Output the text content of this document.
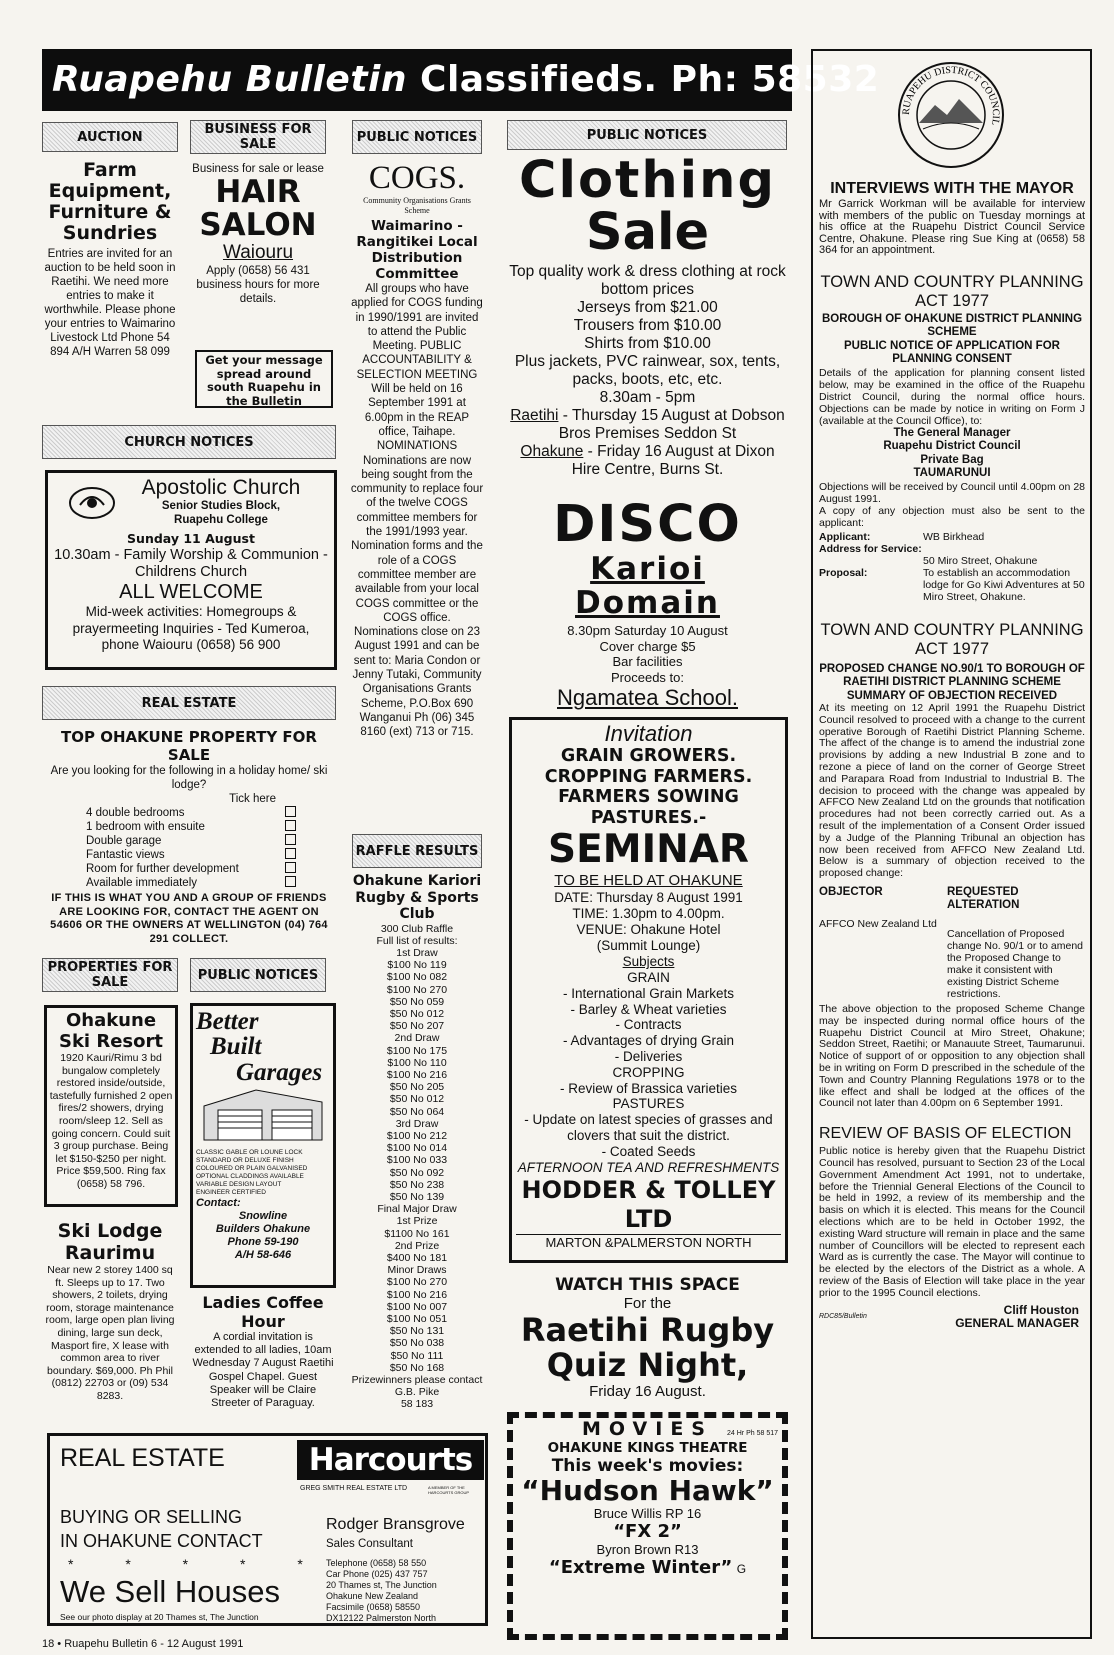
Ruapehu Bulletin Classifieds. Ph: 58532
AUCTION
Farm Equipment, Furniture & Sundries
Entries are invited for an auction to be held soon in Raetihi. We need more entries to make it worthwhile. Please phone your entries to Waimarino Livestock Ltd Phone 54 894 A/H Warren 58 099
BUSINESS FOR SALE
Business for sale or lease
HAIR SALON
Waiouru
Apply (0658) 56 431 business hours for more details.
Get your message spread around south Ruapehu in the Bulletin
PUBLIC NOTICES
COGS.
Community Organisations Grants Scheme
Waimarino - Rangitikei Local Distribution Committee
All groups who have applied for COGS funding in 1990/1991 are invited to attend the Public Meeting. PUBLIC ACCOUNTABILITY & SELECTION MEETING Will be held on 16 September 1991 at 6.00pm in the REAP office, Taihape. NOMINATIONS Nominations are now being sought from the community to replace four of the twelve COGS committee members for the 1991/1993 year. Nomination forms and the role of a COGS committee member are available from your local COGS committee or the COGS office. Nominations close on 23 August 1991 and can be sent to: Maria Condon or Jenny Tutaki, Community Organisations Grants Scheme, P.O.Box 690 Wanganui Ph (06) 345 8160 (ext) 713 or 715.
RAFFLE RESULTS
Ohakune Kariori Rugby & Sports Club
300 Club Raffle
Full list of results:
1st Draw
$100 No 119
$100 No 082
$100 No 270
$50 No 059
$50 No 012
$50 No 207
2nd Draw
$100 No 175
$100 No 110
$100 No 216
$50 No 205
$50 No 012
$50 No 064
3rd Draw
$100 No 212
$100 No 014
$100 No 033
$50 No 092
$50 No 238
$50 No 139
Final Major Draw
1st Prize
$1100 No 161
2nd Prize
$400 No 181
Minor Draws
$100 No 270
$100 No 216
$100 No 007
$100 No 051
$50 No 131
$50 No 038
$50 No 111
$50 No 168
Prizewinners please contact G.B. Pike
58 183
PUBLIC NOTICES
Clothing
Sale
Top quality work & dress clothing at rock bottom prices
Jerseys from $21.00
Trousers from $10.00
Shirts from $10.00
Plus jackets, PVC rainwear, sox, tents, packs, boots, etc, etc.
8.30am - 5pm
Raetihi - Thursday 15 August at Dobson Bros Premises Seddon St
Ohakune - Friday 16 August at Dixon Hire Centre, Burns St.
DISCO
Karioi
Domain
8.30pm Saturday 10 August
Cover charge $5
Bar facilities
Proceeds to:
Ngamatea School.
Invitation
GRAIN GROWERS.
CROPPING FARMERS.
FARMERS SOWING
PASTURES.-
SEMINAR
TO BE HELD AT OHAKUNE
DATE: Thursday 8 August 1991
TIME: 1.30pm to 4.00pm.
VENUE: Ohakune Hotel
(Summit Lounge)
Subjects
GRAIN
- International Grain Markets
- Barley & Wheat varieties
- Contracts
- Advantages of drying Grain
- Deliveries
CROPPING
- Review of Brassica varieties
PASTURES
- Update on latest species of grasses and clovers that suit the district.
- Coated Seeds
AFTERNOON TEA AND REFRESHMENTS
HODDER & TOLLEY LTD
MARTON &PALMERSTON NORTH
WATCH THIS SPACE
For the
Raetihi Rugby
Quiz Night,
Friday 16 August.
MOVIES 24 Hr Ph 58 517
OHAKUNE KINGS THEATRE
This week's movies:
“Hudson Hawk”
Bruce Willis RP 16
“FX 2”
Byron Brown R13
“Extreme Winter” G
CHURCH NOTICES
Apostolic Church
Senior Studies Block,
Ruapehu College
Sunday 11 August
10.30am - Family Worship & Communion - Childrens Church
ALL WELCOME
Mid-week activities: Homegroups & prayermeeting Inquiries - Ted Kumeroa, phone Waiouru (0658) 56 900
REAL ESTATE
TOP OHAKUNE PROPERTY FOR SALE
Are you looking for the following in a holiday home/ ski lodge?
Tick here
4 double bedrooms
1 bedroom with ensuite
Double garage
Fantastic views
Room for further development
Available immediately
IF THIS IS WHAT YOU AND A GROUP OF FRIENDS ARE LOOKING FOR, CONTACT THE AGENT ON 54606 OR THE OWNERS AT WELLINGTON (04) 764 291 COLLECT.
PROPERTIES FOR SALE
Ohakune Ski Resort
1920 Kauri/Rimu 3 bd bungalow completely restored inside/outside, tastefully furnished 2 open fires/2 showers, drying room/sleep 12. Sell as going concern. Could suit 3 group purchase. Being let $150-$250 per night. Price $59,500. Ring fax (0658) 58 796.
Ski Lodge Raurimu
Near new 2 storey 1400 sq ft. Sleeps up to 17. Two showers, 2 toilets, drying room, storage maintenance room, large open plan living dining, large sun deck, Masport fire, X lease with common area to river boundary. $69,000. Ph Phil (0812) 22703 or (09) 534 8283.
PUBLIC NOTICES
Better
Built
Garages
CLASSIC GABLE OR LOUNE LOCK
STANDARD OR DELUXE FINISH
COLOURED OR PLAIN GALVANISED
OPTIONAL CLADDINGS AVAILABLE
VARIABLE DESIGN LAYOUT
ENGINEER CERTIFIED
Contact:
Snowline
Builders Ohakune
Phone 59-190
A/H 58-646
Ladies Coffee Hour
A cordial invitation is extended to all ladies, 10am Wednesday 7 August Raetihi Gospel Chapel. Guest Speaker will be Claire Streeter of Paraguay.
REAL ESTATE	Harcourts
GREG SMITH REAL ESTATE LTD	A MEMBER OF THE HARCOURTS GROUP
BUYING OR SELLING
IN OHAKUNE CONTACT
* * * * *
We Sell Houses
See our photo display at 20 Thames st, The Junction
Rodger Bransgrove
Sales Consultant
Telephone (0658) 58 550
Car Phone (025) 437 757
20 Thames st, The Junction
Ohakune New Zealand
Facsimile (0658) 58550
DX12122 Palmerston North
18 • Ruapehu Bulletin 6 - 12 August 1991
RUAPEHU DISTRICT COUNCIL
INTERVIEWS WITH THE MAYOR
Mr Garrick Workman will be available for interview with members of the public on Tuesday mornings at his office at the Ruapehu District Council Service Centre, Ohakune. Please ring Sue King at (0658) 58 364 for an appointment.
TOWN AND COUNTRY PLANNING ACT 1977
BOROUGH OF OHAKUNE DISTRICT PLANNING SCHEME
PUBLIC NOTICE OF APPLICATION FOR PLANNING CONSENT
Details of the application for planning consent listed below, may be examined in the office of the Ruapehu District Council, during the normal office hours. Objections can be made by notice in writing on Form J (available at the Council Office), to:
The General Manager
Ruapehu District Council
Private Bag
TAUMARUNUI
Objections will be received by Council until 4.00pm on 28 August 1991.
A copy of any objection must also be sent to the applicant:
Applicant:	WB Birkhead
Address for Service:
50 Miro Street, Ohakune
Proposal:	To establish an accommodation lodge for Go Kiwi Adventures at 50 Miro Street, Ohakune.
TOWN AND COUNTRY PLANNING ACT 1977
PROPOSED CHANGE NO.90/1 TO BOROUGH OF RAETIHI DISTRICT PLANNING SCHEME
SUMMARY OF OBJECTION RECEIVED
At its meeting on 12 April 1991 the Ruapehu District Council resolved to proceed with a change to the current operative Borough of Raetihi District Planning Scheme. The affect of the change is to amend the industrial zone provisions by adding a new Industrial B zone and to rezone a piece of land on the corner of George Street and Parapara Road from Industrial to Industrial B. The decision to proceed with the change was appealed by AFFCO New Zealand Ltd on the grounds that notification procedures had not been correctly carried out. As a result of the implementation of a Consent Order issued by a Judge of the Planning Tribunal an objection has now been received from AFFCO New Zealand Ltd. Below is a summary of objection received to the proposed change:
OBJECTOR	REQUESTED ALTERATION
AFFCO New Zealand Ltd
Cancellation of Proposed change No. 90/1 or to amend the Proposed Change to make it consistent with existing District Scheme restrictions.
The above objection to the proposed Scheme Change may be inspected during normal office hours of the Ruapehu District Council at Miro Street, Ohakune; Seddon Street, Raetihi; or Manauute Street, Taumarunui. Notice of support of or opposition to any objection shall be in writing on Form D prescribed in the schedule of the Town and Country Planning Regulations 1978 or to the like effect and shall be lodged at the offices of the Council not later than 4.00pm on 6 September 1991.
REVIEW OF BASIS OF ELECTION
Public notice is hereby given that the Ruapehu District Council has resolved, pursuant to Section 23 of the Local Government Amendment Act 1991, not to undertake, before the Triennial General Elections of the Council to be held in 1992, a review of its membership and the basis on which it is elected. This means for the Council elections which are to be held in October 1992, the existing Ward structure will remain in place and the same number of Councillors will be elected to represent each Ward as is currently the case. The Mayor will continue to be elected by the electors of the District as a whole. A review of the Basis of Election will take place in the year prior to the 1995 Council elections.
RDC85/Bulletin	Cliff Houston
GENERAL MANAGER
